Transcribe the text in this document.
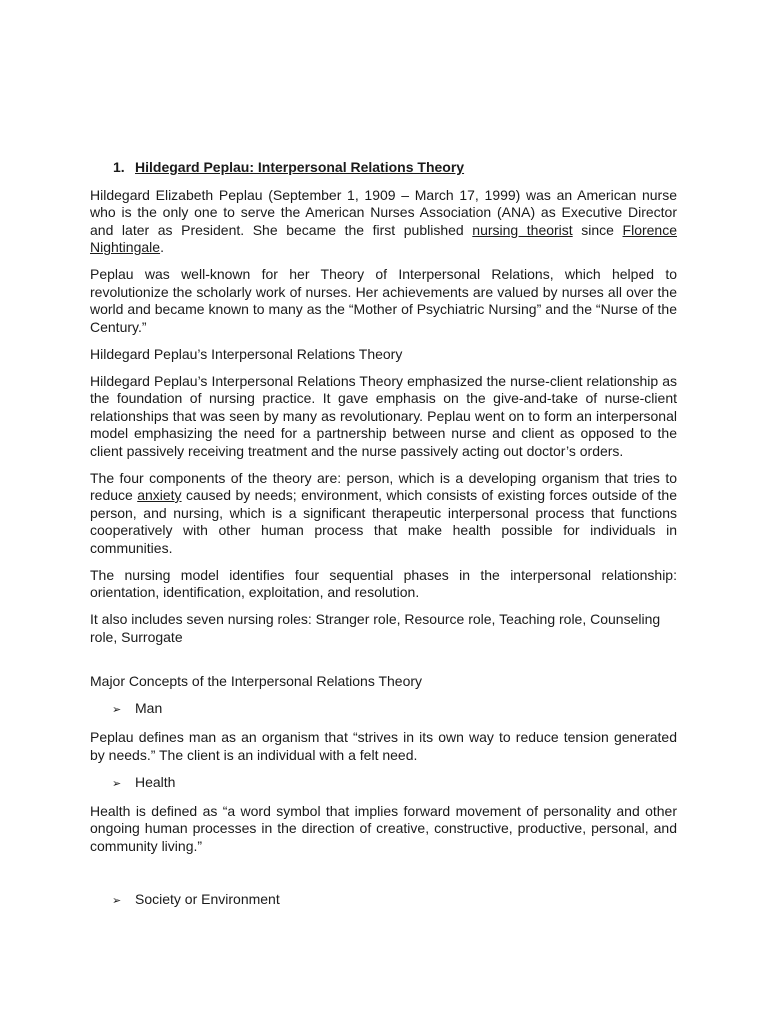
1. Hildegard Peplau: Interpersonal Relations Theory

Hildegard Elizabeth Peplau (September 1, 1909 – March 17, 1999) was an American nurse who is the only one to serve the American Nurses Association (ANA) as Executive Director and later as President. She became the first published nursing theorist since Florence Nightingale.

Peplau was well-known for her Theory of Interpersonal Relations, which helped to revolutionize the scholarly work of nurses. Her achievements are valued by nurses all over the world and became known to many as the “Mother of Psychiatric Nursing” and the “Nurse of the Century.”

Hildegard Peplau’s Interpersonal Relations Theory

Hildegard Peplau’s Interpersonal Relations Theory emphasized the nurse-client relationship as the foundation of nursing practice. It gave emphasis on the give-and-take of nurse-client relationships that was seen by many as revolutionary. Peplau went on to form an interpersonal model emphasizing the need for a partnership between nurse and client as opposed to the client passively receiving treatment and the nurse passively acting out doctor’s orders.

The four components of the theory are: person, which is a developing organism that tries to reduce anxiety caused by needs; environment, which consists of existing forces outside of the person, and nursing, which is a significant therapeutic interpersonal process that functions cooperatively with other human process that make health possible for individuals in communities.

The nursing model identifies four sequential phases in the interpersonal relationship: orientation, identification, exploitation, and resolution.

It also includes seven nursing roles: Stranger role, Resource role, Teaching role, Counseling role, Surrogate

Major Concepts of the Interpersonal Relations Theory

➢ Man

Peplau defines man as an organism that “strives in its own way to reduce tension generated by needs.” The client is an individual with a felt need.

➢ Health

Health is defined as “a word symbol that implies forward movement of personality and other ongoing human processes in the direction of creative, constructive, productive, personal, and community living.”

➢ Society or Environment
